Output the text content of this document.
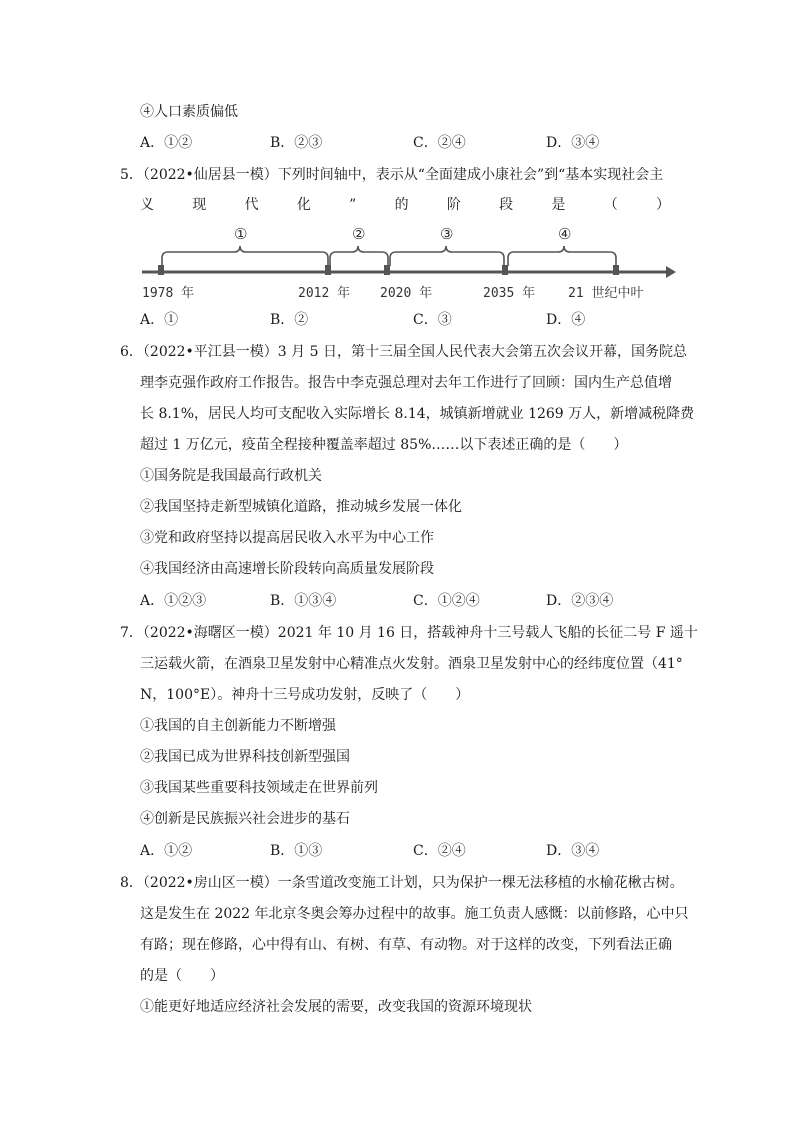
④人口素质偏低
A．①②	B．②③	C．②④	D．③④
5．（2022•仙居县一模）下列时间轴中，表示从“全面建成小康社会”到“基本实现社会主
义	现	代	化	”	的	阶	段	是	（	）
①	②	③	④
1978 年	2012 年 2020 年	2035 年	21 世纪中叶
A．①	B．②	C．③	D．④
6．（2022•平江县一模）3 月 5 日，第十三届全国人民代表大会第五次会议开幕，国务院总
理李克强作政府工作报告。报告中李克强总理对去年工作进行了回顾：国内生产总值增
长 8.1%，居民人均可支配收入实际增长 8.14，城镇新增就业 1269 万人，新增减税降费
超过 1 万亿元，疫苗全程接种覆盖率超过 85%……以下表述正确的是（　　）
①国务院是我国最高行政机关
②我国坚持走新型城镇化道路，推动城乡发展一体化
③党和政府坚持以提高居民收入水平为中心工作
④我国经济由高速增长阶段转向高质量发展阶段
A．①②③	B．①③④	C．①②④	D．②③④
7．（2022•海曙区一模）2021 年 10 月 16 日，搭载神舟十三号载人飞船的长征二号 F 遥十
三运载火箭，在酒泉卫星发射中心精准点火发射。酒泉卫星发射中心的经纬度位置（41°
N，100°E）。神舟十三号成功发射，反映了（　　）
①我国的自主创新能力不断增强
②我国已成为世界科技创新型强国
③我国某些重要科技领域走在世界前列
④创新是民族振兴社会进步的基石
A．①②	B．①③	C．②④	D．③④
8．（2022•房山区一模）一条雪道改变施工计划，只为保护一棵无法移植的水榆花楸古树。
这是发生在 2022 年北京冬奥会筹办过程中的故事。施工负责人感慨：以前修路，心中只
有路；现在修路，心中得有山、有树、有草、有动物。对于这样的改变，下列看法正确
的是（　　）
①能更好地适应经济社会发展的需要，改变我国的资源环境现状
